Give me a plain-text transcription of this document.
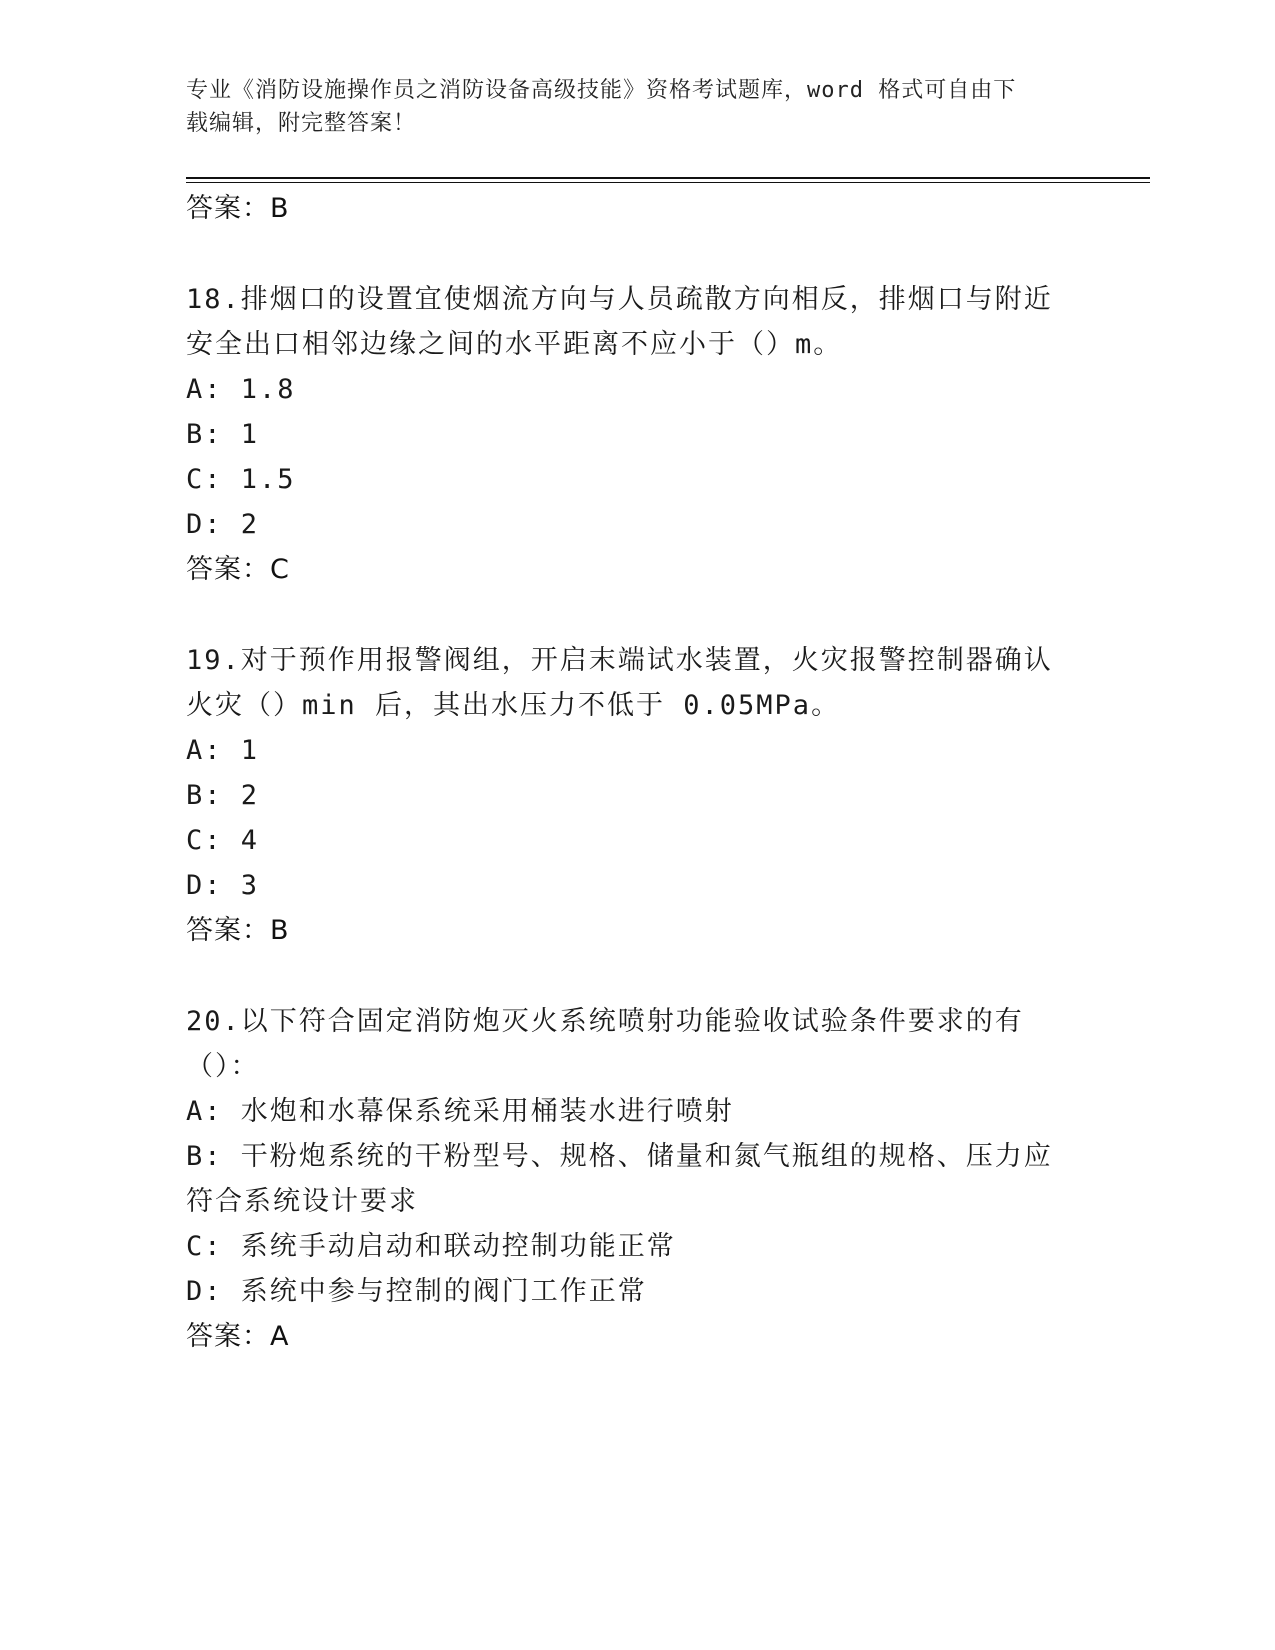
专业《消防设施操作员之消防设备高级技能》资格考试题库，word 格式可自由下
载编辑，附完整答案！
答案：B
18.排烟口的设置宜使烟流方向与人员疏散方向相反，排烟口与附近安全出口相邻边缘之间的水平距离不应小于（）m。
A: 1.8
B: 1
C: 1.5
D: 2
答案：C
19.对于预作用报警阀组，开启末端试水装置，火灾报警控制器确认火灾（）min 后，其出水压力不低于 0.05MPa。
A: 1
B: 2
C: 4
D: 3
答案：B
20.以下符合固定消防炮灭火系统喷射功能验收试验条件要求的有（）：
A: 水炮和水幕保系统采用桶装水进行喷射
B: 干粉炮系统的干粉型号、规格、储量和氮气瓶组的规格、压力应符合系统设计要求
C: 系统手动启动和联动控制功能正常
D: 系统中参与控制的阀门工作正常
答案：A
